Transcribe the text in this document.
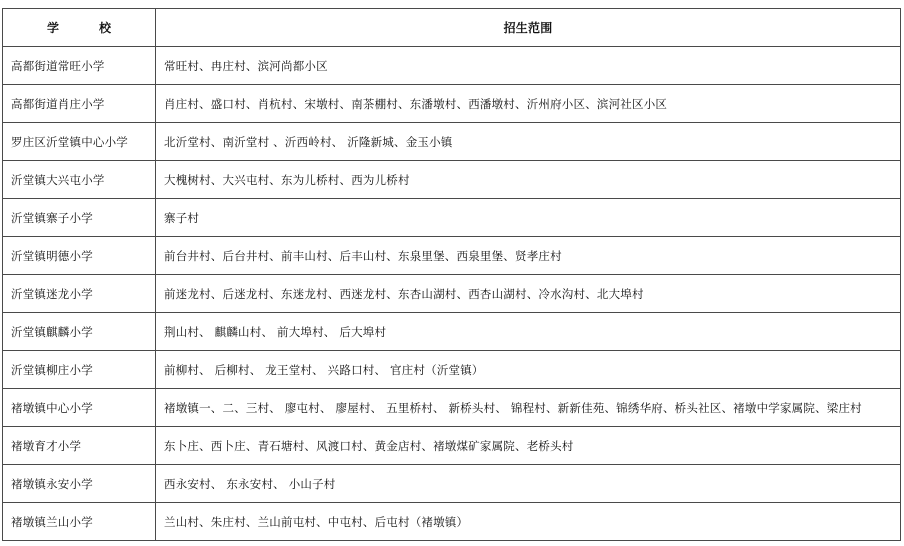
学　校	招生范围
高都街道常旺小学	常旺村、冉庄村、滨河尚都小区
高都街道肖庄小学	肖庄村、盛口村、肖杭村、宋墩村、南茶棚村、东潘墩村、西潘墩村、沂州府小区、滨河社区小区
罗庄区沂堂镇中心小学	北沂堂村、南沂堂村 、沂西岭村、 沂隆新城、金玉小镇
沂堂镇大兴屯小学	大槐树村、大兴屯村、东为儿桥村、西为儿桥村
沂堂镇寨子小学	寨子村
沂堂镇明德小学	前台井村、后台井村、前丰山村、后丰山村、东泉里堡、西泉里堡、贤孝庄村
沂堂镇迷龙小学	前迷龙村、后迷龙村、东迷龙村、西迷龙村、东杏山湖村、西杏山湖村、冷水沟村、北大埠村
沂堂镇麒麟小学	荆山村、 麒麟山村、 前大埠村、 后大埠村
沂堂镇柳庄小学	前柳村、 后柳村、 龙王堂村、 兴路口村、 官庄村（沂堂镇）
褚墩镇中心小学	褚墩镇一、二、三村、 廖屯村、 廖屋村、 五里桥村、 新桥头村、 锦程村、新新佳苑、锦绣华府、桥头社区、褚墩中学家属院、梁庄村
褚墩育才小学	东卜庄、西卜庄、青石塘村、风渡口村、黄金店村、褚墩煤矿家属院、老桥头村
褚墩镇永安小学	西永安村、 东永安村、 小山子村
褚墩镇兰山小学	兰山村、朱庄村、兰山前屯村、中屯村、后屯村（褚墩镇）
